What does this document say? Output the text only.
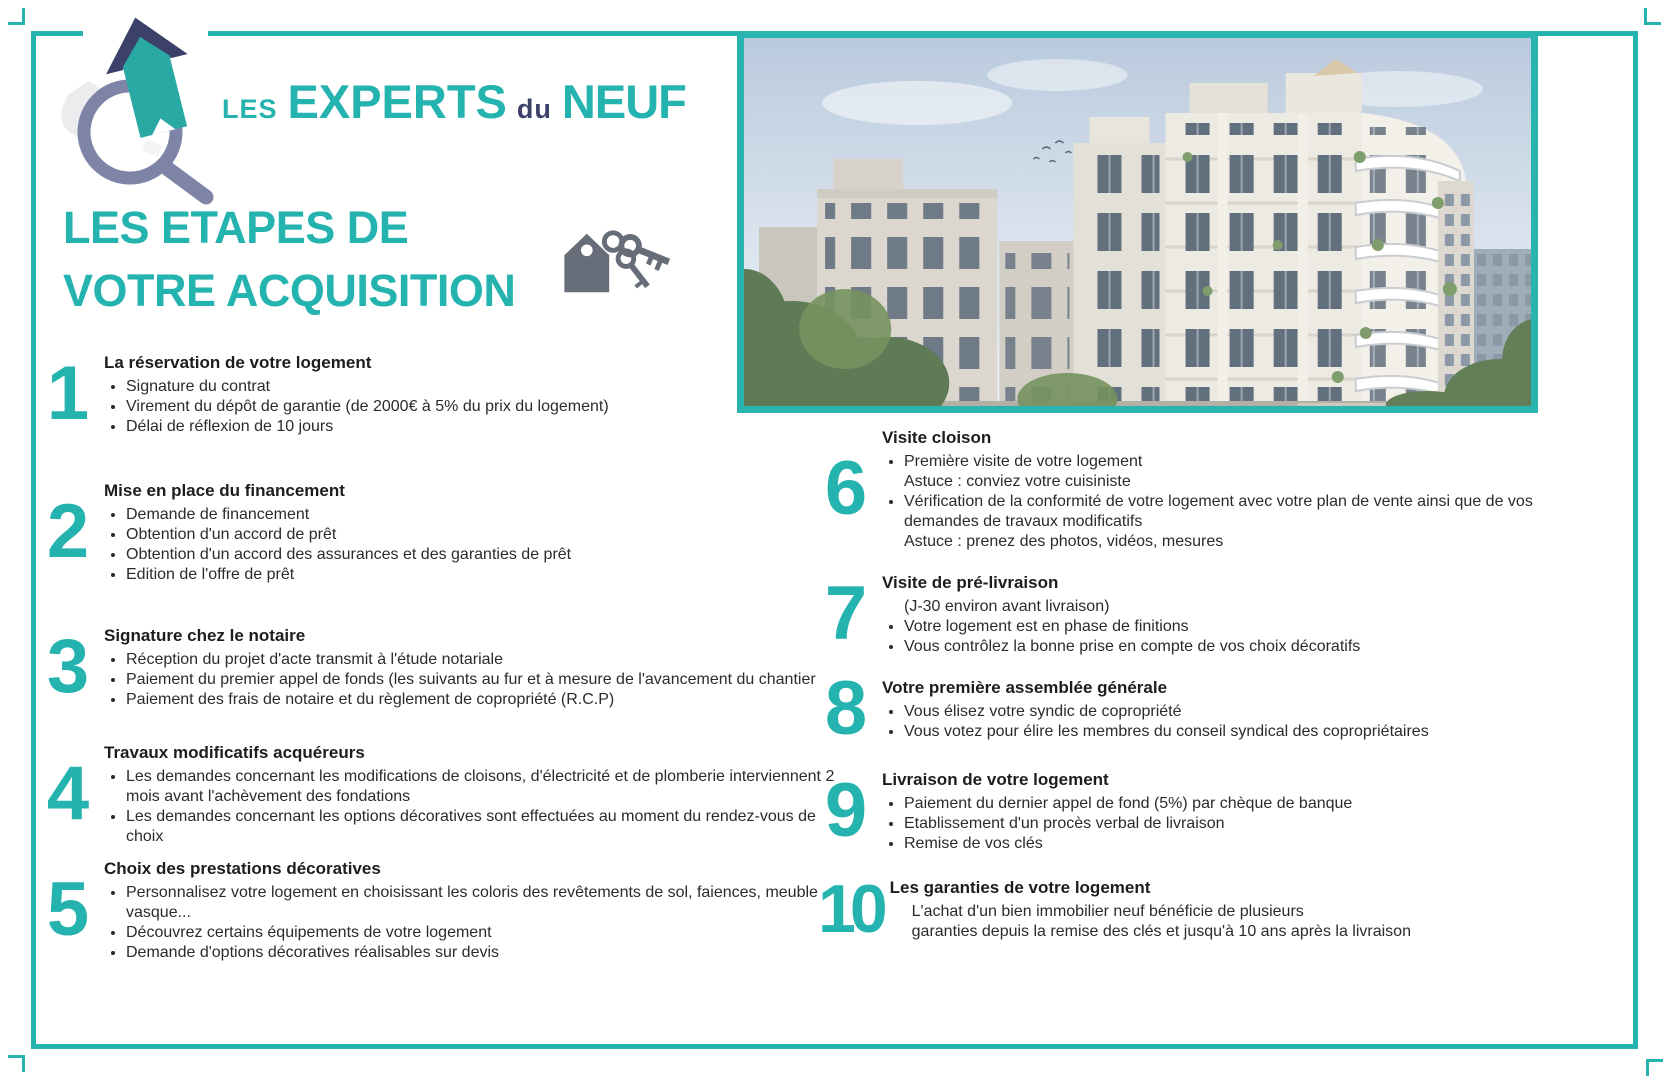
LES EXPERTS du NEUF
LES ETAPES DE
VOTRE ACQUISITION
1 La réservation de votre logement
• Signature du contrat
• Virement du dépôt de garantie (de 2000€ à 5% du prix du logement)
• Délai de réflexion de 10 jours
2 Mise en place du financement
• Demande de financement
• Obtention d'un accord de prêt
• Obtention d'un accord des assurances et des garanties de prêt
• Edition de l'offre de prêt
3 Signature chez le notaire
• Réception du projet d'acte transmit à l'étude notariale
• Paiement du premier appel de fonds (les suivants au fur et à mesure de l'avancement du chantier
• Paiement des frais de notaire et du règlement de copropriété (R.C.P)
4 Travaux modificatifs acquéreurs
• Les demandes concernant les modifications de cloisons, d'électricité et de plomberie interviennent 2 mois avant l'achèvement des fondations
• Les demandes concernant les options décoratives sont effectuées au moment du rendez-vous de choix
5 Choix des prestations décoratives
• Personnalisez votre logement en choisissant les coloris des revêtements de sol, faiences, meuble vasque...
• Découvrez certains équipements de votre logement
• Demande d'options décoratives réalisables sur devis
6
Visite cloison
• Première visite de votre logement
Astuce : conviez votre cuisiniste
• Vérification de la conformité de votre logement avec votre plan de vente ainsi que de vos demandes de travaux modificatifs
Astuce : prenez des photos, vidéos, mesures
7 Visite de pré-livraison
(J-30 environ avant livraison)
• Votre logement est en phase de finitions
• Vous contrôlez la bonne prise en compte de vos choix décoratifs
8 Votre première assemblée générale
• Vous élisez votre syndic de copropriété
• Vous votez pour élire les membres du conseil syndical des copropriétaires
9 Livraison de votre logement
• Paiement du dernier appel de fond (5%) par chèque de banque
• Etablissement d'un procès verbal de livraison
• Remise de vos clés
10 Les garanties de votre logement
L'achat d'un bien immobilier neuf bénéficie de plusieurs
garanties depuis la remise des clés et jusqu'à 10 ans après la livraison
